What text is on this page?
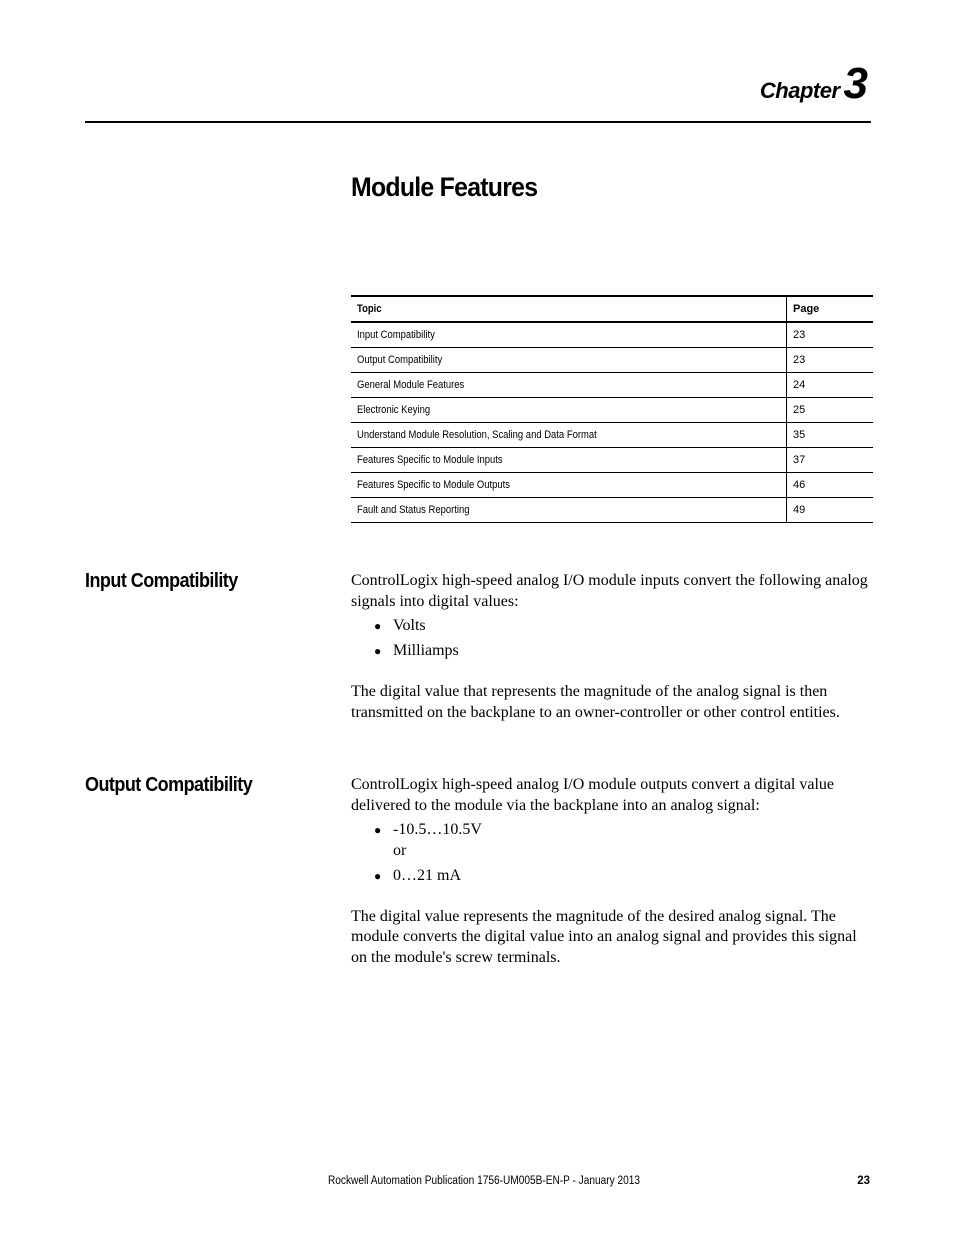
Chapter 3
Module Features
Topic	Page
Input Compatibility	23
Output Compatibility	23
General Module Features	24
Electronic Keying	25
Understand Module Resolution, Scaling and Data Format	35
Features Specific to Module Inputs	37
Features Specific to Module Outputs	46
Fault and Status Reporting	49
Input Compatibility	ControlLogix high-speed analog I/O module inputs convert the following analog signals into digital values:

● Volts
● Milliamps

The digital value that represents the magnitude of the analog signal is then transmitted on the backplane to an owner-controller or other control entities.

Output Compatibility	ControlLogix high-speed analog I/O module outputs convert a digital value delivered to the module via the backplane into an analog signal:

● -10.5…10.5V
or
● 0…21 mA

The digital value represents the magnitude of the desired analog signal. The module converts the digital value into an analog signal and provides this signal on the module's screw terminals.

Rockwell Automation Publication 1756-UM005B-EN-P - January 2013	23
